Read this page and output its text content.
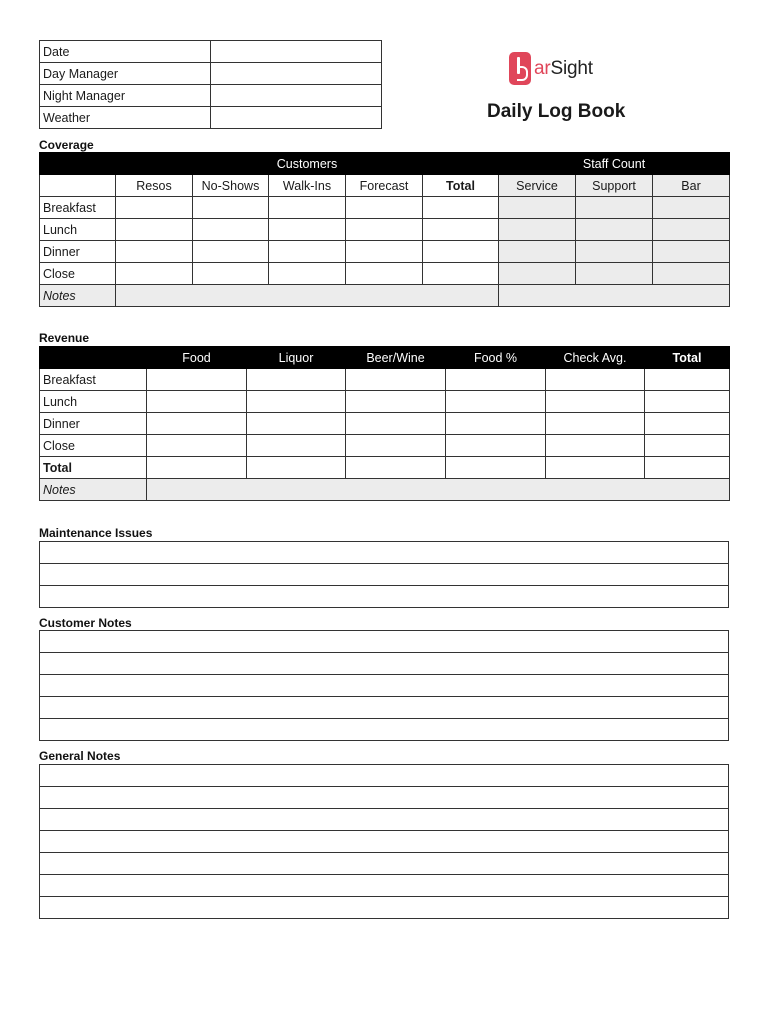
Date	
Day Manager	
Night Manager	
Weather	
arSight
Daily Log Book
Coverage
	Customers					Staff Count		
	Resos	No-Shows	Walk-Ins	Forecast	Total	Service	Support	Bar
Breakfast								
Lunch								
Dinner								
Close								
Notes								
Revenue
	Food	Liquor	Beer/Wine	Food %	Check Avg.	Total
Breakfast						
Lunch						
Dinner						
Close						
Total						
Notes						
Maintenance Issues

Customer Notes

General Notes
